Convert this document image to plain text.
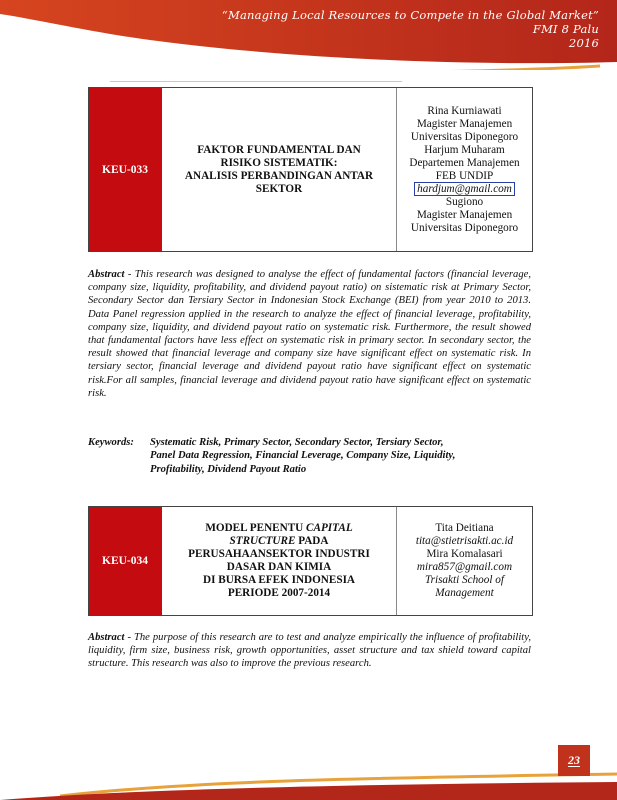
“Managing Local Resources to Compete in the Global Market”
FMI 8 Palu
2016
KEU-033
FAKTOR FUNDAMENTAL DAN
RISIKO SISTEMATIK:
ANALISIS PERBANDINGAN ANTAR
SEKTOR
Rina Kurniawati
Magister Manajemen
Universitas Diponegoro
Harjum Muharam
Departemen Manajemen
FEB UNDIP
hardjum@gmail.com
Sugiono
Magister Manajemen
Universitas Diponegoro
Abstract - This research was designed to analyse the effect of fundamental factors (financial leverage, company size, liquidity, profitability, and dividend payout ratio) on sistematic risk at Primary Sector, Secondary Sector dan Tersiary Sector in Indonesian Stock Exchange (BEI) from year 2010 to 2013. Data Panel regression applied in the research to analyze the effect of financial leverage, profitability, company size, liquidity, and dividend payout ratio on systematic risk. Furthermore, the result showed that fundamental factors have less effect on systematic risk in primary sector. In secondary sector, the result showed that financial leverage and company size have significant effect on systematic risk. In tersiary sector, financial leverage and dividend payout ratio have significant effect on systematic risk.For all samples, financial leverage and dividend payout ratio have significant effect on systematic risk.
Keywords:	Systematic Risk, Primary Sector, Secondary Sector, Tersiary Sector,
Panel Data Regression, Financial Leverage, Company Size, Liquidity,
Profitability, Dividend Payout Ratio
KEU-034
MODEL PENENTU CAPITAL
STRUCTURE PADA
PERUSAHAANSEKTOR INDUSTRI
DASAR DAN KIMIA
DI BURSA EFEK INDONESIA
PERIODE 2007-2014
Tita Deitiana
tita@stietrisakti.ac.id
Mira Komalasari
mira857@gmail.com
Trisakti School of
Management
Abstract - The purpose of this research are to test and analyze empirically the influence of profitability, liquidity, firm size, business risk, growth opportunities, asset structure and tax shield toward capital structure. This research was also to improve the previous research.
23
